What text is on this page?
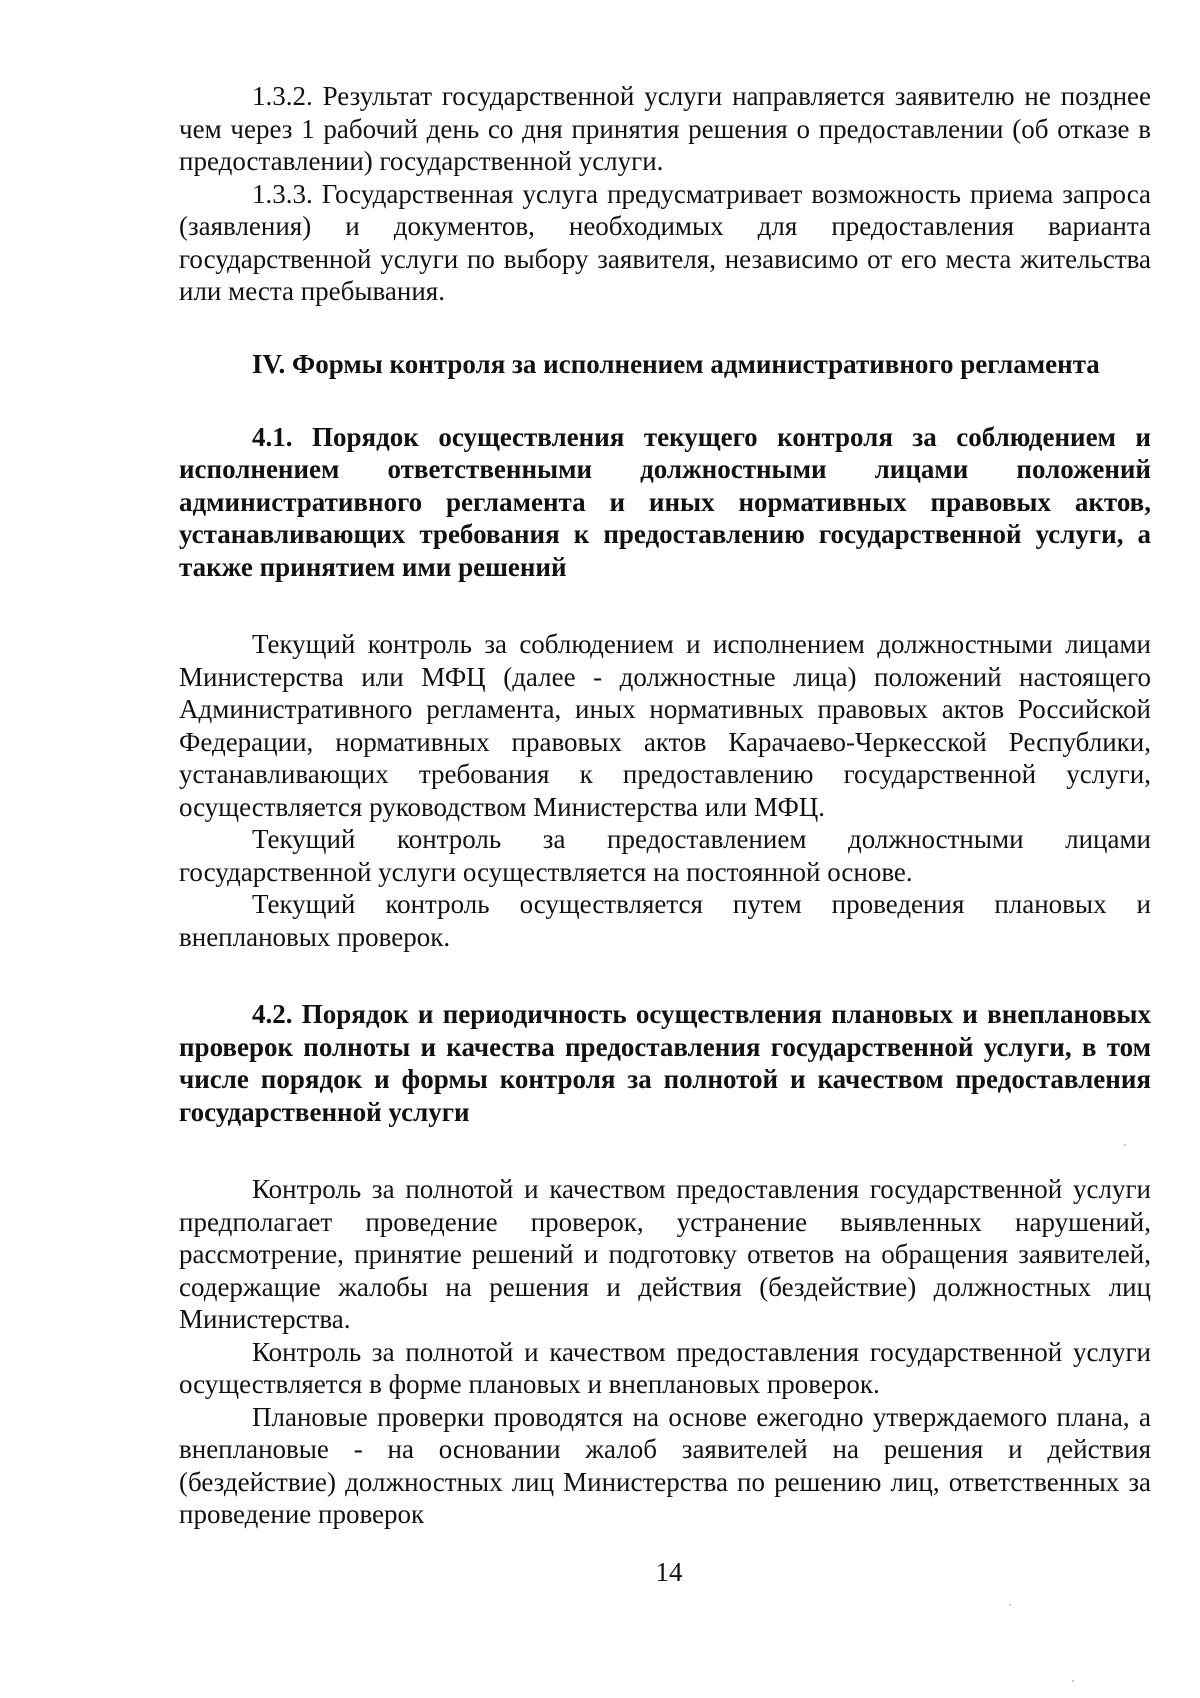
1.3.2. Результат государственной услуги направляется заявителю не позднее чем через 1 рабочий день со дня принятия решения о предоставлении (об отказе в предоставлении) государственной услуги.

1.3.3. Государственная услуга предусматривает возможность приема запроса (заявления) и документов, необходимых для предоставления варианта государственной услуги по выбору заявителя, независимо от его места жительства или места пребывания.

IV. Формы контроля за исполнением административного регламента
4.1. Порядок осуществления текущего контроля за соблюдением и исполнением ответственными должностными лицами положений административного регламента и иных нормативных правовых актов, устанавливающих требования к предоставлению государственной услуги, а также принятием ими решений

Текущий контроль за соблюдением и исполнением должностными лицами Министерства или МФЦ (далее - должностные лица) положений настоящего Административного регламента, иных нормативных правовых актов Российской Федерации, нормативных правовых актов Карачаево-Черкесской Республики, устанавливающих требования к предоставлению государственной услуги, осуществляется руководством Министерства или МФЦ.

Текущий контроль за предоставлением должностными лицами государственной услуги осуществляется на постоянной основе.

Текущий контроль осуществляется путем проведения плановых и внеплановых проверок.

4.2. Порядок и периодичность осуществления плановых и внеплановых проверок полноты и качества предоставления государственной услуги, в том числе порядок и формы контроля за полнотой и качеством предоставления государственной услуги

Контроль за полнотой и качеством предоставления государственной услуги предполагает проведение проверок, устранение выявленных нарушений, рассмотрение, принятие решений и подготовку ответов на обращения заявителей, содержащие жалобы на решения и действия (бездействие) должностных лиц Министерства.

Контроль за полнотой и качеством предоставления государственной услуги осуществляется в форме плановых и внеплановых проверок.

Плановые проверки проводятся на основе ежегодно утверждаемого плана, а внеплановые - на основании жалоб заявителей на решения и действия (бездействие) должностных лиц Министерства по решению лиц, ответственных за проведение проверок

14
